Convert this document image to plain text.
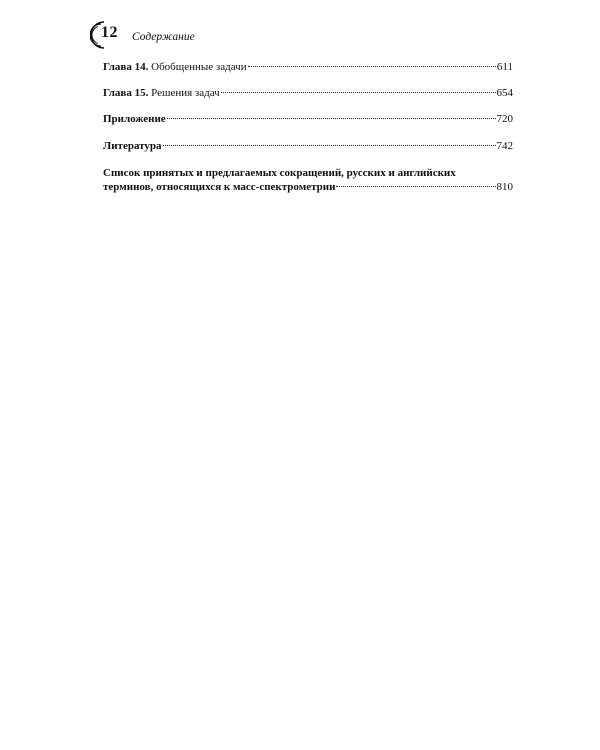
12 Содержание
Глава 14. Обобщенные задачи	611
Глава 15. Решения задач	654
Приложение	720
Литература	742
Список принятых и предлагаемых сокращений, русских и английских
терминов, относящихся к масс-спектрометрии	810
